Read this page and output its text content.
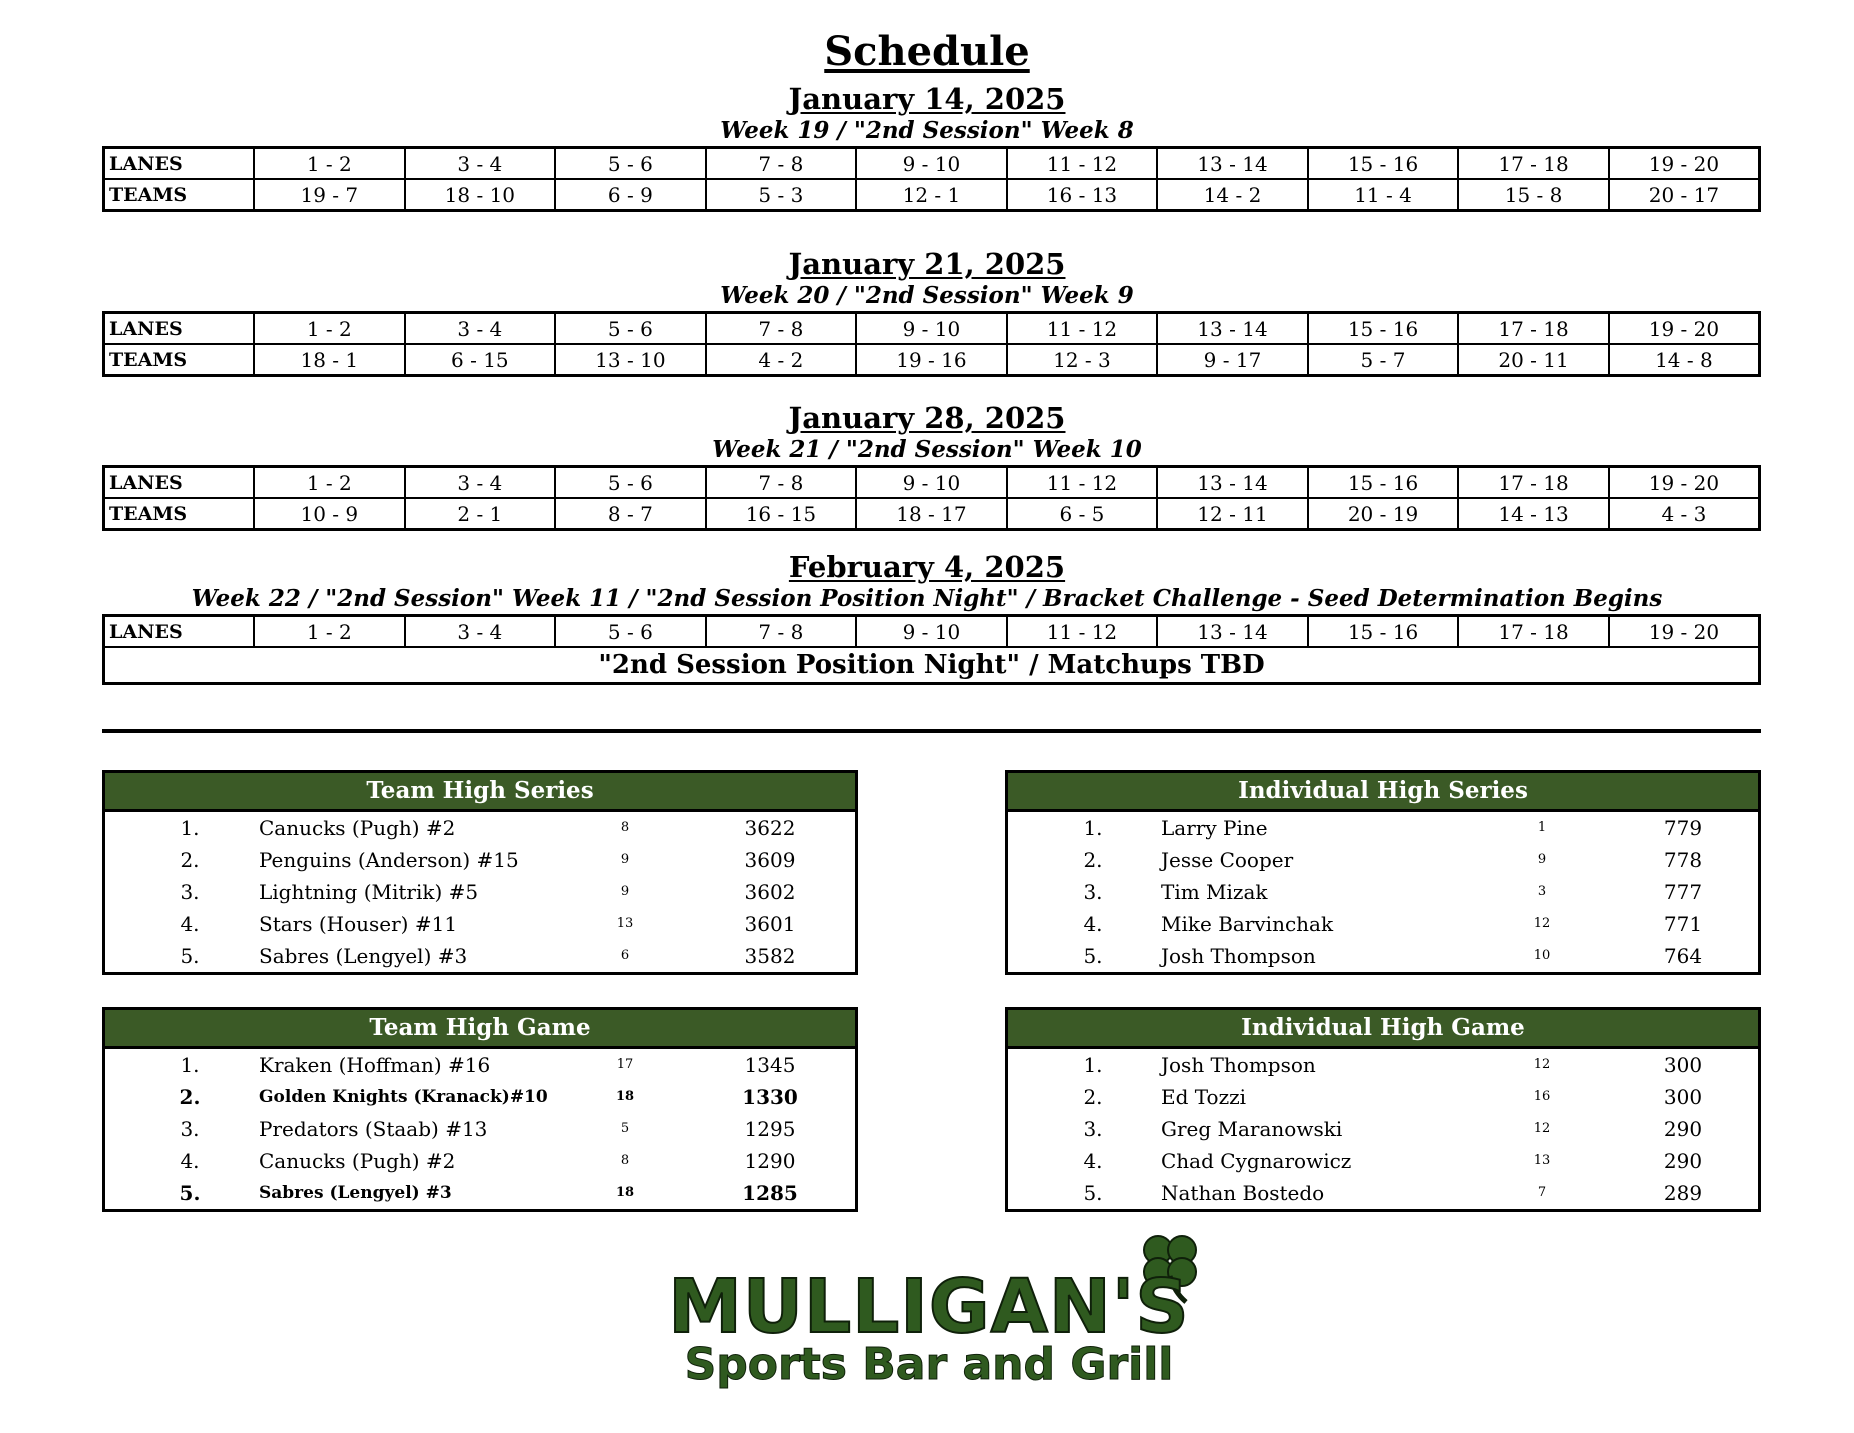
Schedule
January 14, 2025
Week 19 / "2nd Session" Week 8
LANES	1 - 2	3 - 4	5 - 6	7 - 8	9 - 10	11 - 12	13 - 14	15 - 16	17 - 18	19 - 20
TEAMS	19 - 7	18 - 10	6 - 9	5 - 3	12 - 1	16 - 13	14 - 2	11 - 4	15 - 8	20 - 17
January 21, 2025
Week 20 / "2nd Session" Week 9
LANES	1 - 2	3 - 4	5 - 6	7 - 8	9 - 10	11 - 12	13 - 14	15 - 16	17 - 18	19 - 20
TEAMS	18 - 1	6 - 15	13 - 10	4 - 2	19 - 16	12 - 3	9 - 17	5 - 7	20 - 11	14 - 8
January 28, 2025
Week 21 / "2nd Session" Week 10
LANES	1 - 2	3 - 4	5 - 6	7 - 8	9 - 10	11 - 12	13 - 14	15 - 16	17 - 18	19 - 20
TEAMS	10 - 9	2 - 1	8 - 7	16 - 15	18 - 17	6 - 5	12 - 11	20 - 19	14 - 13	4 - 3
February 4, 2025
Week 22 / "2nd Session" Week 11 / "2nd Session Position Night" / Bracket Challenge - Seed Determination Begins
LANES	1 - 2	3 - 4	5 - 6	7 - 8	9 - 10	11 - 12	13 - 14	15 - 16	17 - 18	19 - 20
"2nd Session Position Night" / Matchups TBD
Team High Series
1.	Canucks (Pugh) #2	8	3622
2.	Penguins (Anderson) #15	9	3609
3.	Lightning (Mitrik) #5	9	3602
4.	Stars (Houser) #11	13	3601
5.	Sabres (Lengyel) #3	6	3582
Individual High Series
1.	Larry Pine	1	779
2.	Jesse Cooper	9	778
3.	Tim Mizak	3	777
4.	Mike Barvinchak	12	771
5.	Josh Thompson	10	764
Team High Game
1.	Kraken (Hoffman) #16	17	1345
2.	Golden Knights (Kranack)#10	18	1330
3.	Predators (Staab) #13	5	1295
4.	Canucks (Pugh) #2	8	1290
5.	Sabres (Lengyel) #3	18	1285
Individual High Game
1.	Josh Thompson	12	300
2.	Ed Tozzi	16	300
3.	Greg Maranowski	12	290
4.	Chad Cygnarowicz	13	290
5.	Nathan Bostedo	7	289
MULLIGAN'S
Sports Bar and Grill
